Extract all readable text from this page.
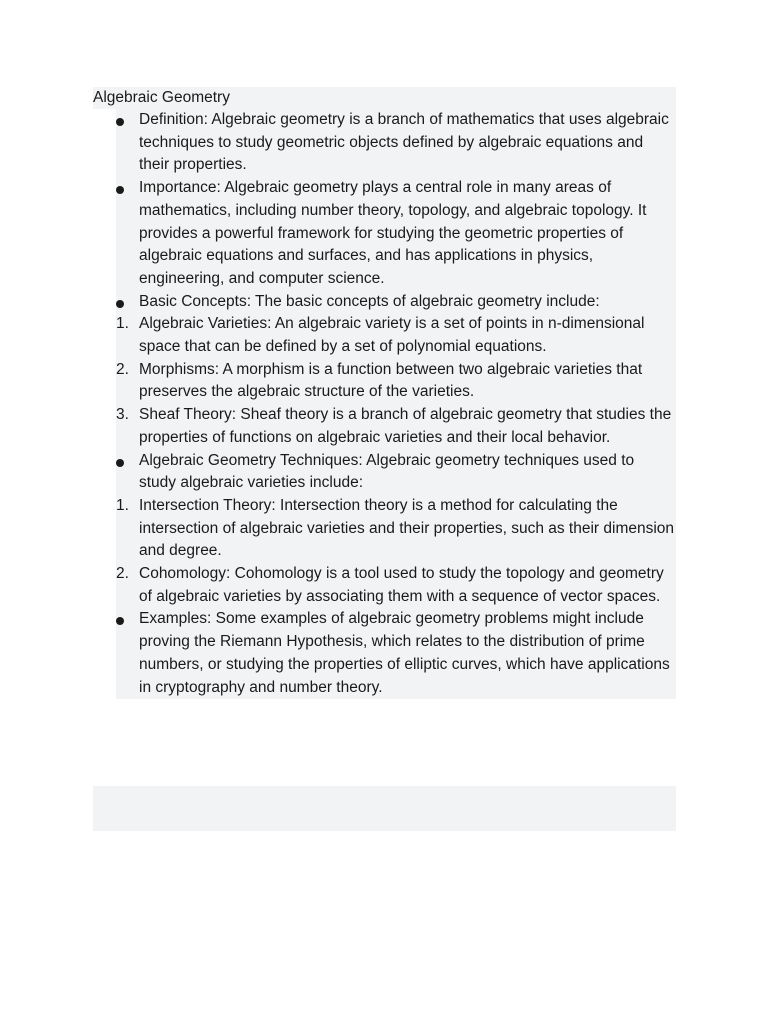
Algebraic Geometry
Definition: Algebraic geometry is a branch of mathematics that uses algebraic techniques to study geometric objects defined by algebraic equations and their properties.
Importance: Algebraic geometry plays a central role in many areas of mathematics, including number theory, topology, and algebraic topology. It provides a powerful framework for studying the geometric properties of algebraic equations and surfaces, and has applications in physics, engineering, and computer science.
Basic Concepts: The basic concepts of algebraic geometry include:
1. Algebraic Varieties: An algebraic variety is a set of points in n-dimensional space that can be defined by a set of polynomial equations.
2. Morphisms: A morphism is a function between two algebraic varieties that preserves the algebraic structure of the varieties.
3. Sheaf Theory: Sheaf theory is a branch of algebraic geometry that studies the properties of functions on algebraic varieties and their local behavior.
Algebraic Geometry Techniques: Algebraic geometry techniques used to study algebraic varieties include:
1. Intersection Theory: Intersection theory is a method for calculating the intersection of algebraic varieties and their properties, such as their dimension and degree.
2. Cohomology: Cohomology is a tool used to study the topology and geometry of algebraic varieties by associating them with a sequence of vector spaces.
Examples: Some examples of algebraic geometry problems might include proving the Riemann Hypothesis, which relates to the distribution of prime numbers, or studying the properties of elliptic curves, which have applications in cryptography and number theory.
